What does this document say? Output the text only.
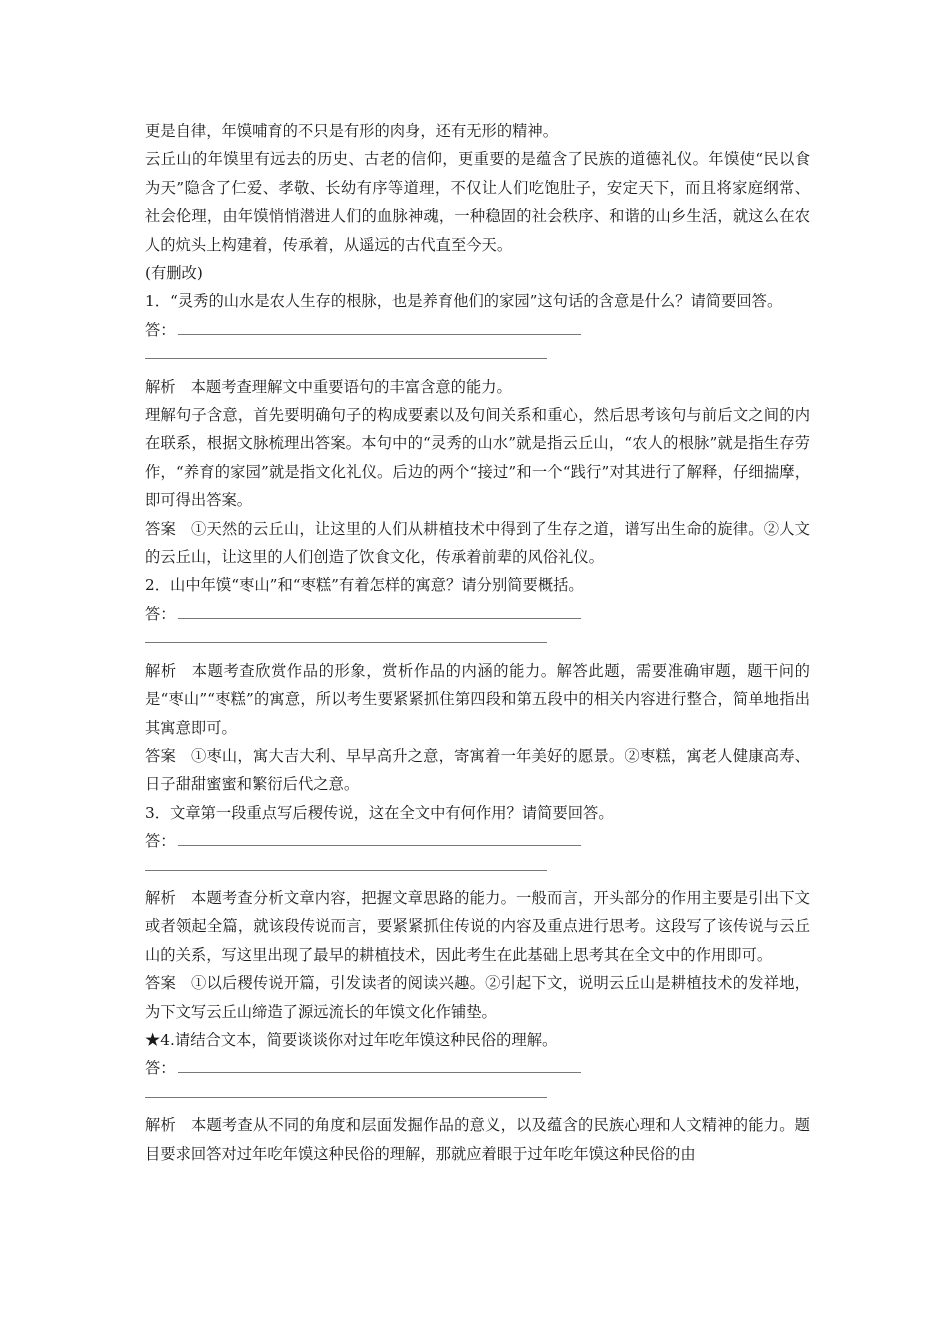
更是自律，年馍哺育的不只是有形的肉身，还有无形的精神。

云丘山的年馍里有远去的历史、古老的信仰，更重要的是蕴含了民族的道德礼仪。年馍使“民以食为天”隐含了仁爱、孝敬、长幼有序等道理，不仅让人们吃饱肚子，安定天下，而且将家庭纲常、社会伦理，由年馍悄悄潜进人们的血脉神魂，一种稳固的社会秩序、和谐的山乡生活，就这么在农人的炕头上构建着，传承着，从遥远的古代直至今天。

(有删改)

1．“灵秀的山水是农人生存的根脉，也是养育他们的家园”这句话的含意是什么？请简要回答。

答：

解析 本题考查理解文中重要语句的丰富含意的能力。

理解句子含意，首先要明确句子的构成要素以及句间关系和重心，然后思考该句与前后文之间的内在联系，根据文脉梳理出答案。本句中的“灵秀的山水”就是指云丘山，“农人的根脉”就是指生存劳作，“养育的家园”就是指文化礼仪。后边的两个“接过”和一个“践行”对其进行了解释，仔细揣摩，即可得出答案。

答案 ①天然的云丘山，让这里的人们从耕植技术中得到了生存之道，谱写出生命的旋律。②人文的云丘山，让这里的人们创造了饮食文化，传承着前辈的风俗礼仪。

2．山中年馍“枣山”和“枣糕”有着怎样的寓意？请分别简要概括。

答：

解析 本题考查欣赏作品的形象，赏析作品的内涵的能力。解答此题，需要准确审题，题干问的是“枣山”“枣糕”的寓意，所以考生要紧紧抓住第四段和第五段中的相关内容进行整合，简单地指出其寓意即可。

答案 ①枣山，寓大吉大利、早早高升之意，寄寓着一年美好的愿景。②枣糕，寓老人健康高寿、日子甜甜蜜蜜和繁衍后代之意。

3．文章第一段重点写后稷传说，这在全文中有何作用？请简要回答。

答：

解析 本题考查分析文章内容，把握文章思路的能力。一般而言，开头部分的作用主要是引出下文或者领起全篇，就该段传说而言，要紧紧抓住传说的内容及重点进行思考。这段写了该传说与云丘山的关系，写这里出现了最早的耕植技术，因此考生在此基础上思考其在全文中的作用即可。

答案 ①以后稷传说开篇，引发读者的阅读兴趣。②引起下文，说明云丘山是耕植技术的发祥地，为下文写云丘山缔造了源远流长的年馍文化作铺垫。

★4.请结合文本，简要谈谈你对过年吃年馍这种民俗的理解。

答：

解析 本题考查从不同的角度和层面发掘作品的意义，以及蕴含的民族心理和人文精神的能力。题目要求回答对过年吃年馍这种民俗的理解，那就应着眼于过年吃年馍这种民俗的由
